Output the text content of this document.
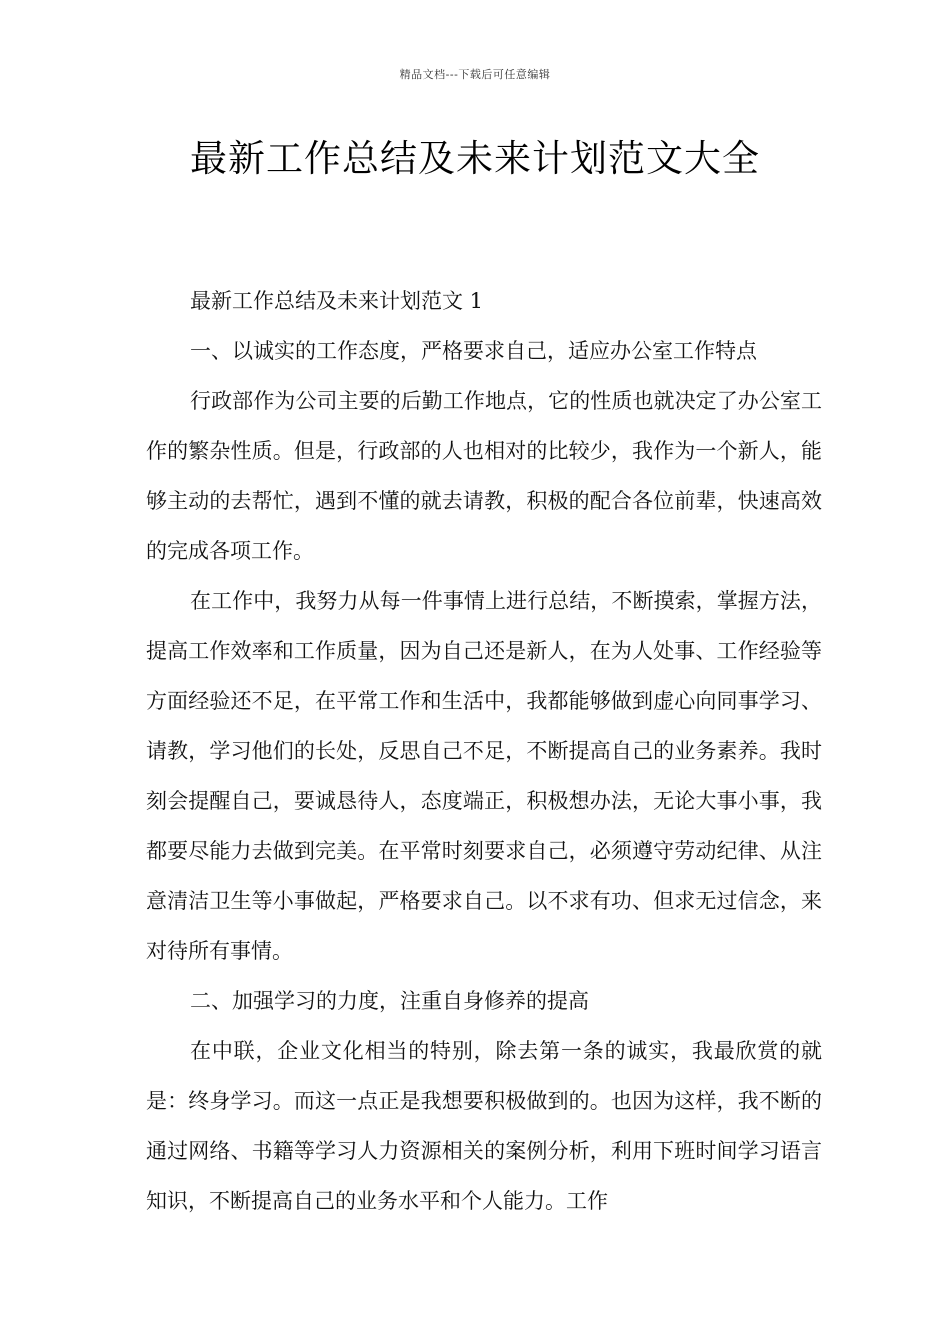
精品文档---下载后可任意编辑
最新工作总结及未来计划范文大全

最新工作总结及未来计划范文 1

一、以诚实的工作态度，严格要求自己，适应办公室工作特点

行政部作为公司主要的后勤工作地点，它的性质也就决定了办公室工作的繁杂性质。但是，行政部的人也相对的比较少，我作为一个新人，能够主动的去帮忙，遇到不懂的就去请教，积极的配合各位前辈，快速高效的完成各项工作。

在工作中，我努力从每一件事情上进行总结，不断摸索，掌握方法，提高工作效率和工作质量，因为自己还是新人，在为人处事、工作经验等方面经验还不足，在平常工作和生活中，我都能够做到虚心向同事学习、请教，学习他们的长处，反思自己不足，不断提高自己的业务素养。我时刻会提醒自己，要诚恳待人，态度端正，积极想办法，无论大事小事，我都要尽能力去做到完美。在平常时刻要求自己，必须遵守劳动纪律、从注意清洁卫生等小事做起，严格要求自己。以不求有功、但求无过信念，来对待所有事情。

二、加强学习的力度，注重自身修养的提高

在中联，企业文化相当的特别，除去第一条的诚实，我最欣赏的就是：终身学习。而这一点正是我想要积极做到的。也因为这样，我不断的通过网络、书籍等学习人力资源相关的案例分析，利用下班时间学习语言知识，不断提高自己的业务水平和个人能力。工作
